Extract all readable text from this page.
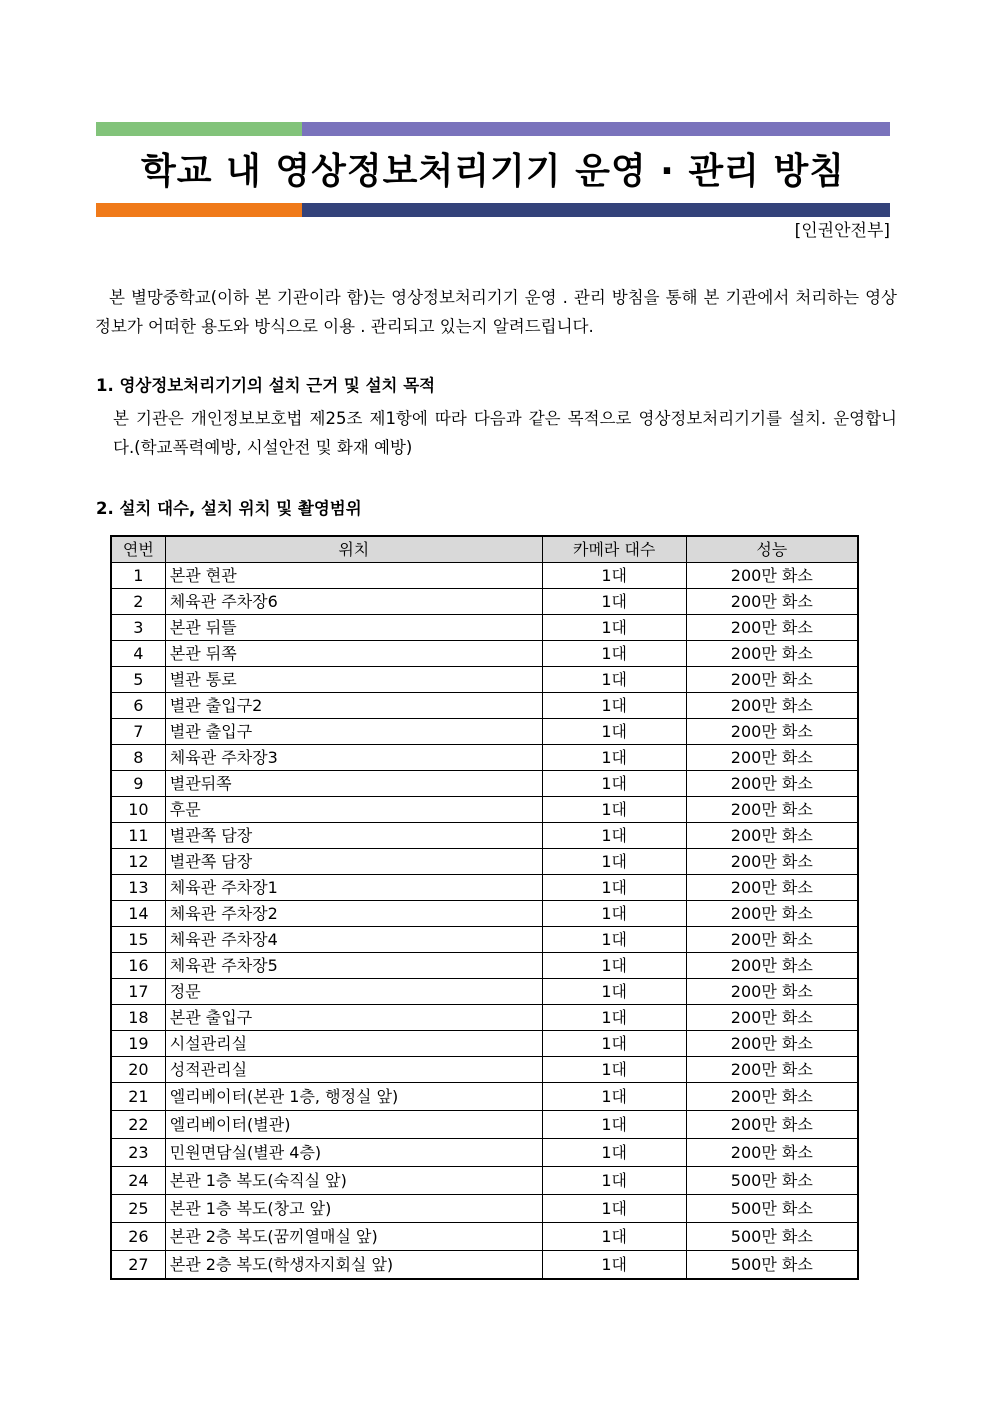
학교 내 영상정보처리기기 운영 · 관리 방침
[인권안전부]
본 별망중학교(이하 본 기관이라 함)는 영상정보처리기기 운영 . 관리 방침을 통해 본 기관에서 처리하는 영상정보가 어떠한 용도와 방식으로 이용 . 관리되고 있는지 알려드립니다.
1. 영상정보처리기기의 설치 근거 및 설치 목적
본 기관은 개인정보보호법 제25조 제1항에 따라 다음과 같은 목적으로 영상정보처리기기를 설치. 운영합니다.(학교폭력예방, 시설안전 및 화재 예방)
2. 설치 대수, 설치 위치 및 촬영범위
연번	위치	카메라 대수	성능
1	본관 현관	1대	200만 화소
2	체육관 주차장6	1대	200만 화소
3	본관 뒤뜰	1대	200만 화소
4	본관 뒤쪽	1대	200만 화소
5	별관 통로	1대	200만 화소
6	별관 출입구2	1대	200만 화소
7	별관 출입구	1대	200만 화소
8	체육관 주차장3	1대	200만 화소
9	별관뒤쪽	1대	200만 화소
10	후문	1대	200만 화소
11	별관쪽 담장	1대	200만 화소
12	별관쪽 담장	1대	200만 화소
13	체육관 주차장1	1대	200만 화소
14	체육관 주차장2	1대	200만 화소
15	체육관 주차장4	1대	200만 화소
16	체육관 주차장5	1대	200만 화소
17	정문	1대	200만 화소
18	본관 출입구	1대	200만 화소
19	시설관리실	1대	200만 화소
20	성적관리실	1대	200만 화소
21	엘리베이터(본관 1층, 행정실 앞)	1대	200만 화소
22	엘리베이터(별관)	1대	200만 화소
23	민원면담실(별관 4층)	1대	200만 화소
24	본관 1층 복도(숙직실 앞)	1대	500만 화소
25	본관 1층 복도(창고 앞)	1대	500만 화소
26	본관 2층 복도(꿈끼열매실 앞)	1대	500만 화소
27	본관 2층 복도(학생자지회실 앞)	1대	500만 화소
